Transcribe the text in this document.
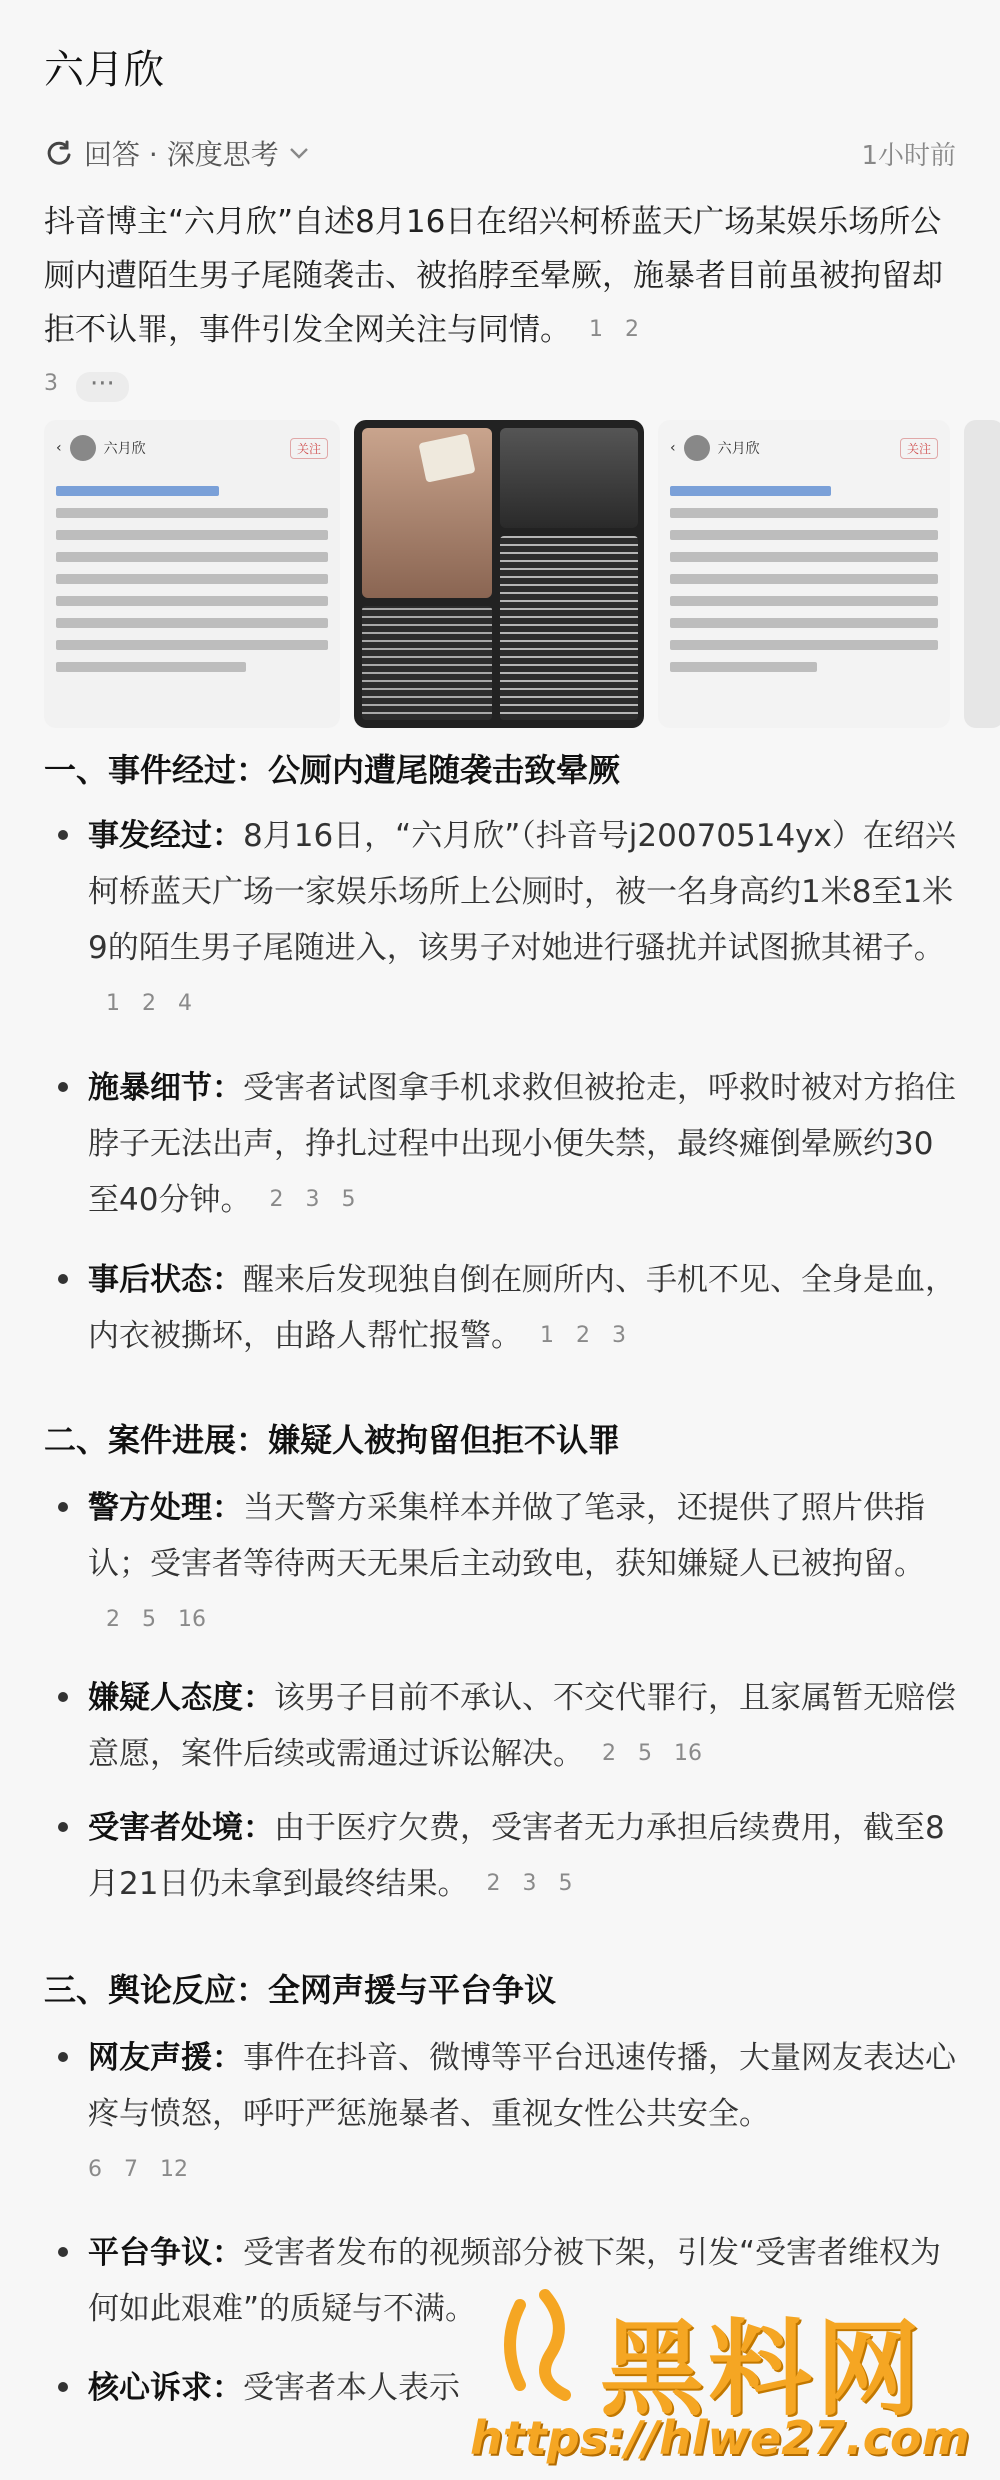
六月欣
回答 · 深度思考	1小时前
抖音博主“六月欣”自述8月16日在绍兴柯桥蓝天广场某娱乐场所公厕内遭陌生男子尾随袭击、被掐脖至晕厥，施暴者目前虽被拘留却拒不认罪，事件引发全网关注与同情。 1 2
3 ···
‹	六月欣	关注	‹	六月欣	关注
一、事件经过：公厕内遭尾随袭击致晕厥
事发经过：8月16日，“六月欣”（抖音号j20070514yx）在绍兴柯桥蓝天广场一家娱乐场所上公厕时，被一名身高约1米8至1米9的陌生男子尾随进入，该男子对她进行骚扰并试图掀其裙子。1 2 4
施暴细节：受害者试图拿手机求救但被抢走，呼救时被对方掐住脖子无法出声，挣扎过程中出现小便失禁，最终瘫倒晕厥约30至40分钟。 2 3 5
事后状态：醒来后发现独自倒在厕所内、手机不见、全身是血，内衣被撕坏，由路人帮忙报警。 1 2 3
二、案件进展：嫌疑人被拘留但拒不认罪
警方处理：当天警方采集样本并做了笔录，还提供了照片供指认；受害者等待两天无果后主动致电，获知嫌疑人已被拘留。2 5 16
嫌疑人态度：该男子目前不承认、不交代罪行，且家属暂无赔偿意愿，案件后续或需通过诉讼解决。 2 5 16
受害者处境：由于医疗欠费，受害者无力承担后续费用，截至8月21日仍未拿到最终结果。 2 3 5
三、舆论反应：全网声援与平台争议
网友声援：事件在抖音、微博等平台迅速传播，大量网友表达心疼与愤怒，呼吁严惩施暴者、重视女性公共安全。
6 7 12
平台争议：受害者发布的视频部分被下架，引发“受害者维权为何如此艰难”的质疑与不满。
核心诉求：受害者本人表示	黑料网
https://hlwe27.com
